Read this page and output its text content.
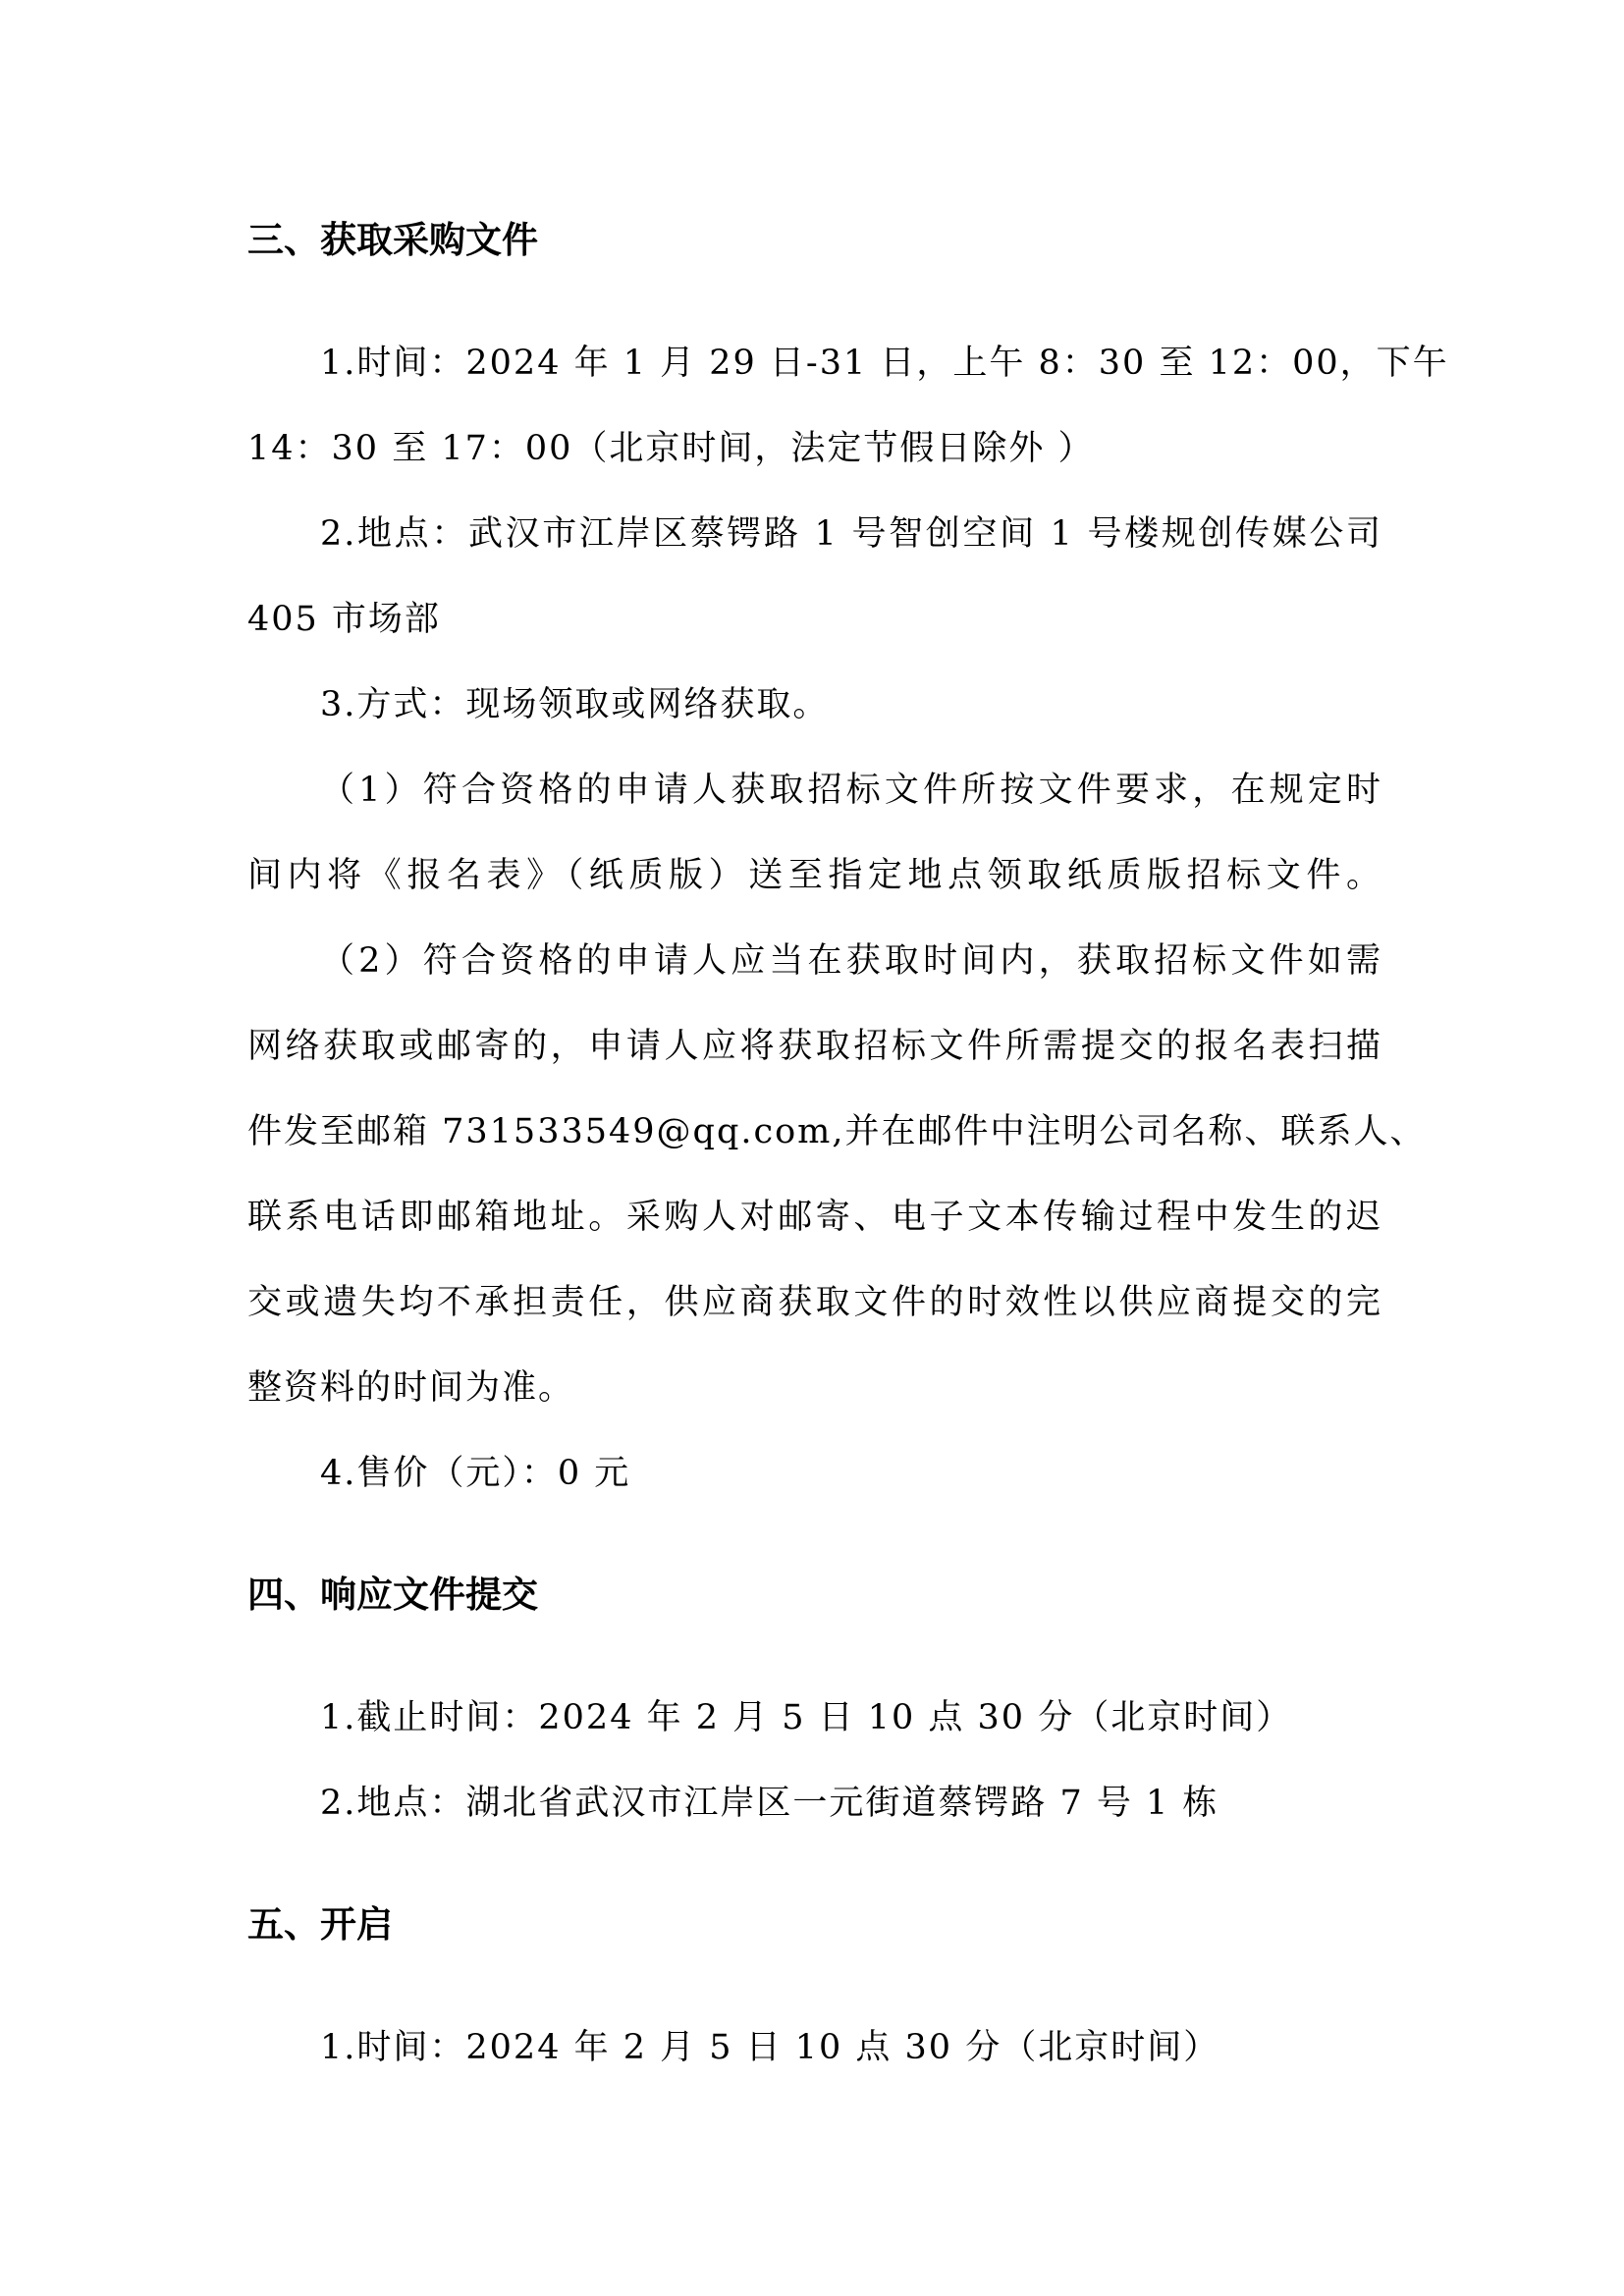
三、获取采购文件

1.时间：2024 年 1 月 29 日-31 日，上午 8：30 至 12：00，下午

14：30 至 17：00（北京时间，法定节假日除外 ）

2.地点：武汉市江岸区蔡锷路 1 号智创空间 1 号楼规创传媒公司

405 市场部

3.方式：现场领取或网络获取。

（1）符合资格的申请人获取招标文件所按文件要求，在规定时

间内将《报名表》（纸质版）送至指定地点领取纸质版招标文件。

（2）符合资格的申请人应当在获取时间内，获取招标文件如需

网络获取或邮寄的，申请人应将获取招标文件所需提交的报名表扫描

件发至邮箱 731533549@qq.com,并在邮件中注明公司名称、联系人、

联系电话即邮箱地址。采购人对邮寄、电子文本传输过程中发生的迟

交或遗失均不承担责任，供应商获取文件的时效性以供应商提交的完

整资料的时间为准。

4.售价（元）：0 元

四、响应文件提交

1.截止时间：2024 年 2 月 5 日 10 点 30 分（北京时间）

2.地点：湖北省武汉市江岸区一元街道蔡锷路 7 号 1 栋

五、开启

1.时间：2024 年 2 月 5 日 10 点 30 分（北京时间）
